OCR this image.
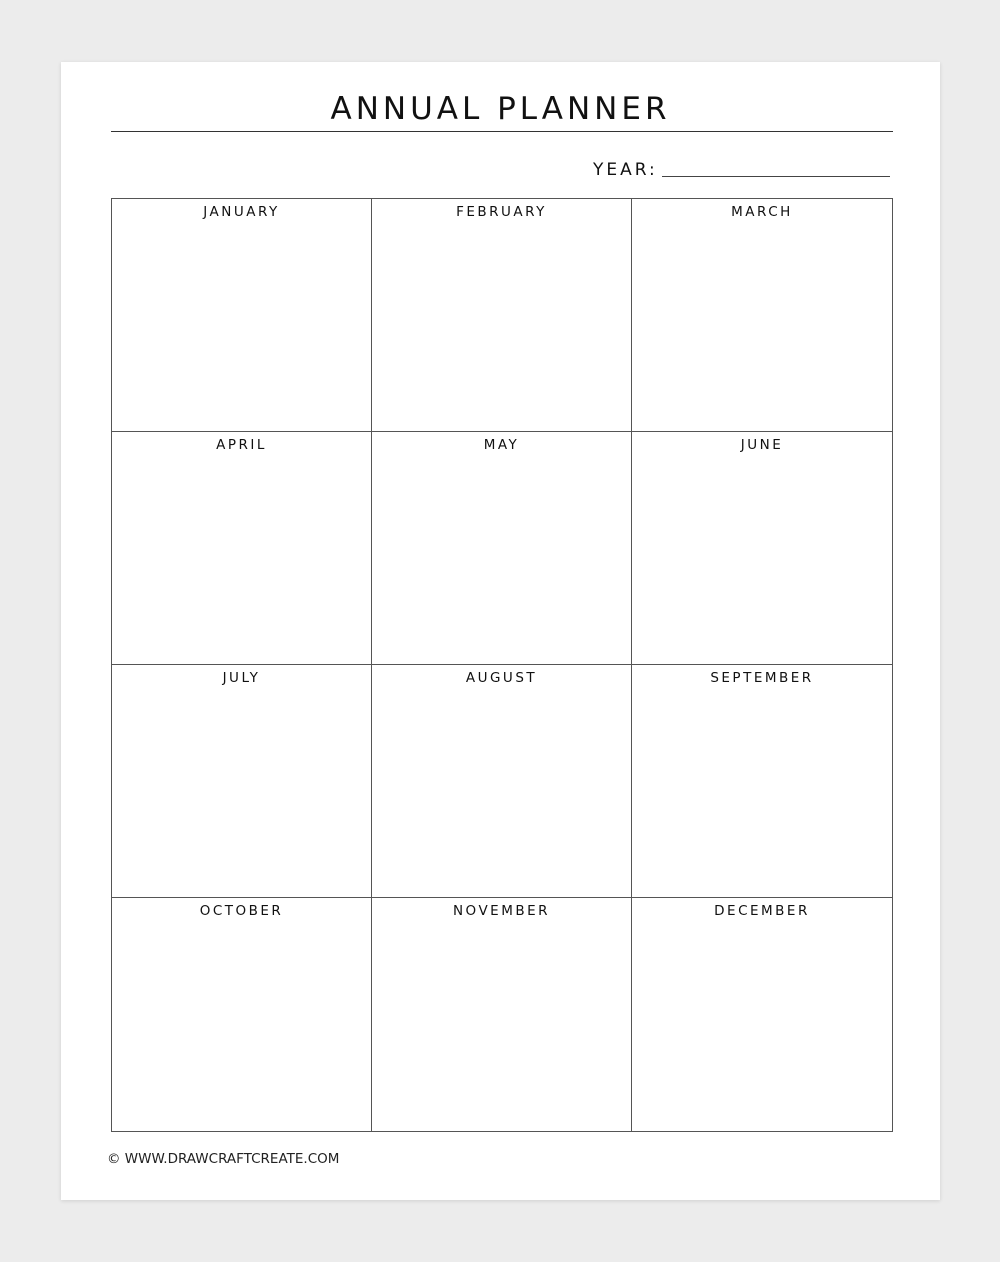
ANNUAL PLANNER
YEAR:
JANUARY	FEBRUARY	MARCH
APRIL	MAY	JUNE
JULY	AUGUST	SEPTEMBER
OCTOBER	NOVEMBER	DECEMBER
© WWW.DRAWCRAFTCREATE.COM
